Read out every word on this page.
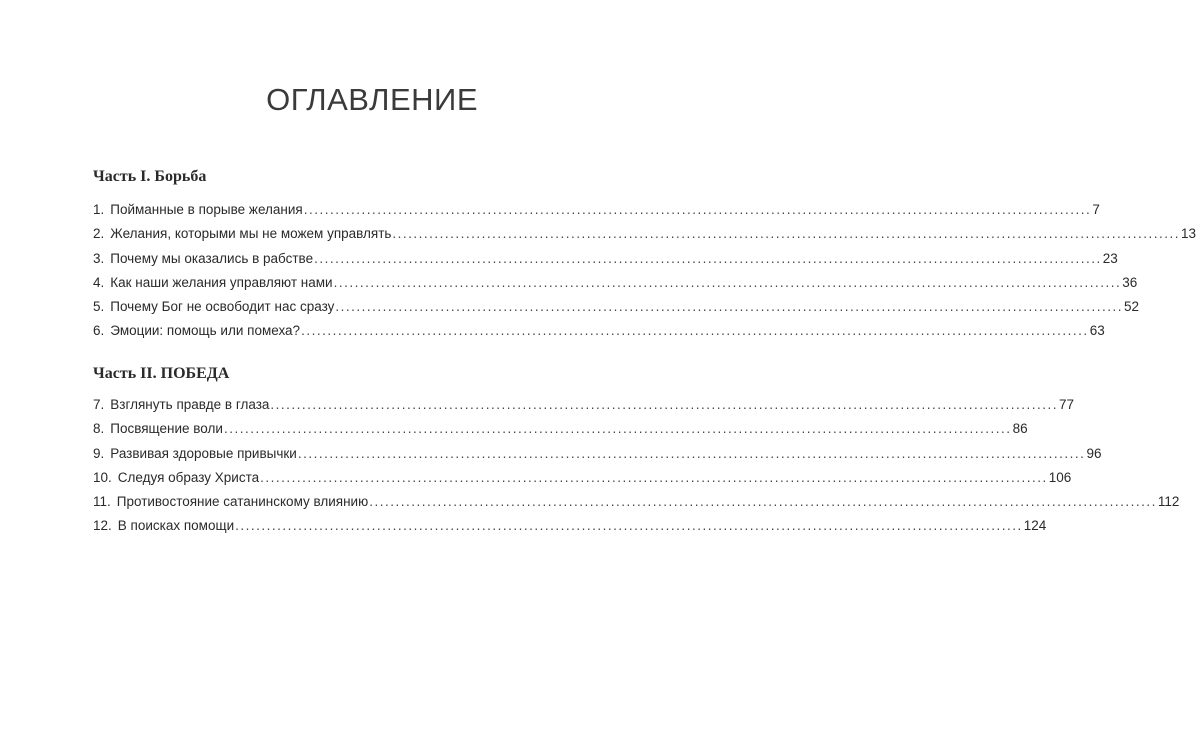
ОГЛАВЛЕНИЕ
Часть I. Борьба
1. Пойманные в порыве желания ...................................................................................................................................................... 7
2. Желания, которыми мы не можем управлять ...................................................................................................................................................... 13
3. Почему мы оказались в рабстве ...................................................................................................................................................... 23
4. Как наши желания управляют нами ...................................................................................................................................................... 36
5. Почему Бог не освободит нас сразу ...................................................................................................................................................... 52
6. Эмоции: помощь или помеха? ...................................................................................................................................................... 63
Часть II. ПОБЕДА
7. Взглянуть правде в глаза ...................................................................................................................................................... 77
8. Посвящение воли ...................................................................................................................................................... 86
9. Развивая здоровые привычки ...................................................................................................................................................... 96
10. Следуя образу Христа ...................................................................................................................................................... 106
11. Противостояние сатанинскому влиянию ...................................................................................................................................................... 112
12. В поисках помощи ...................................................................................................................................................... 124
